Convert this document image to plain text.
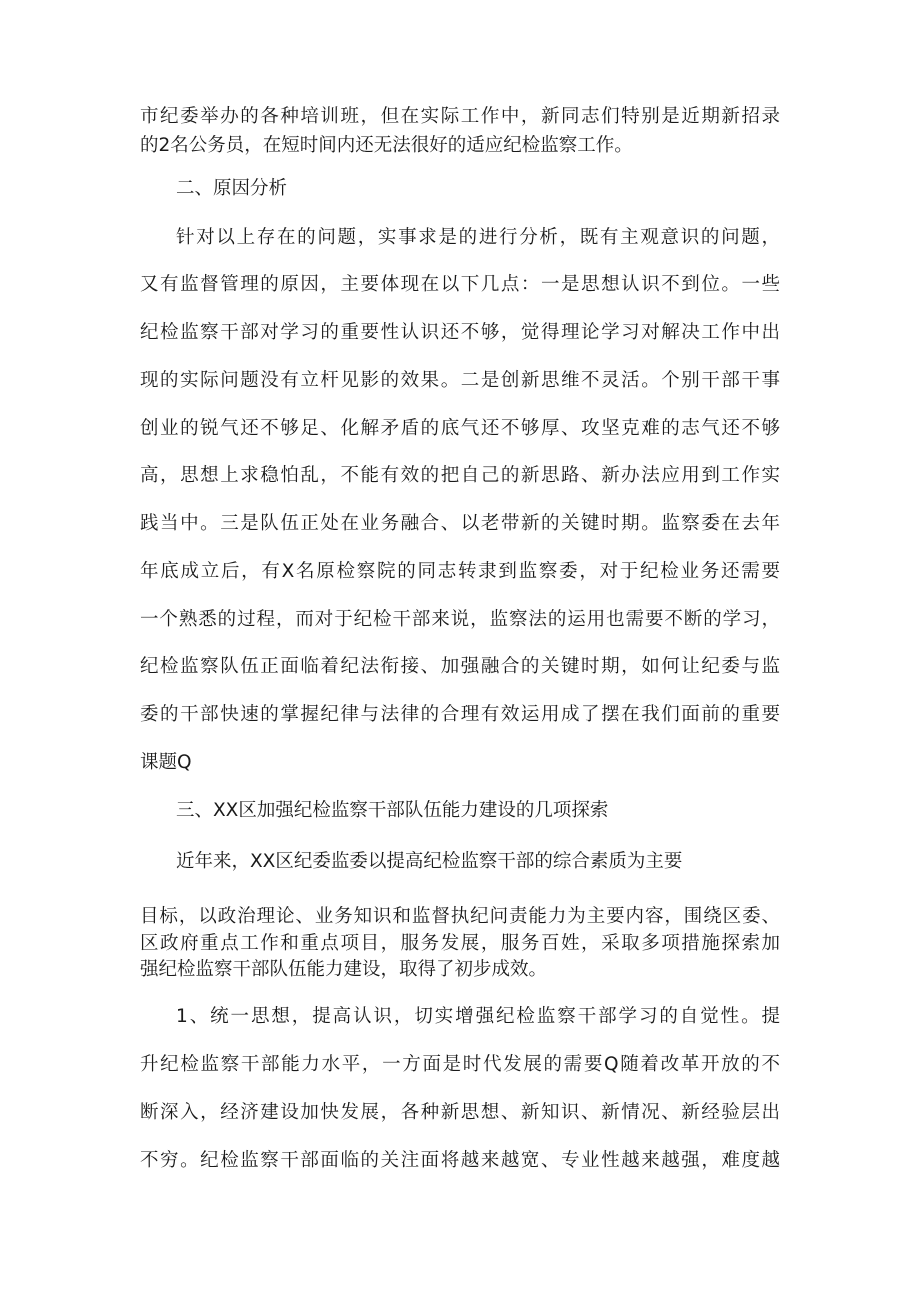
市纪委举办的各种培训班，但在实际工作中，新同志们特别是近期新招录
的2名公务员，在短时间内还无法很好的适应纪检监察工作。
二、原因分析
针对以上存在的问题，实事求是的进行分析，既有主观意识的问题，
又有监督管理的原因，主要体现在以下几点：一是思想认识不到位。一些
纪检监察干部对学习的重要性认识还不够，觉得理论学习对解决工作中出
现的实际问题没有立杆见影的效果。二是创新思维不灵活。个别干部干事
创业的锐气还不够足、化解矛盾的底气还不够厚、攻坚克难的志气还不够
高，思想上求稳怕乱，不能有效的把自己的新思路、新办法应用到工作实
践当中。三是队伍正处在业务融合、以老带新的关键时期。监察委在去年
年底成立后，有X名原检察院的同志转隶到监察委，对于纪检业务还需要
一个熟悉的过程，而对于纪检干部来说，监察法的运用也需要不断的学习，
纪检监察队伍正面临着纪法衔接、加强融合的关键时期，如何让纪委与监
委的干部快速的掌握纪律与法律的合理有效运用成了摆在我们面前的重要
课题Q
三、XX区加强纪检监察干部队伍能力建设的几项探索
近年来，XX区纪委监委以提高纪检监察干部的综合素质为主要
目标，以政治理论、业务知识和监督执纪问责能力为主要内容，围绕区委、
区政府重点工作和重点项目，服务发展，服务百姓，采取多项措施探索加
强纪检监察干部队伍能力建设，取得了初步成效。
1、统一思想，提高认识，切实增强纪检监察干部学习的自觉性。提
升纪检监察干部能力水平，一方面是时代发展的需要Q随着改革开放的不
断深入，经济建设加快发展，各种新思想、新知识、新情况、新经验层出
不穷。纪检监察干部面临的关注面将越来越宽、专业性越来越强，难度越
